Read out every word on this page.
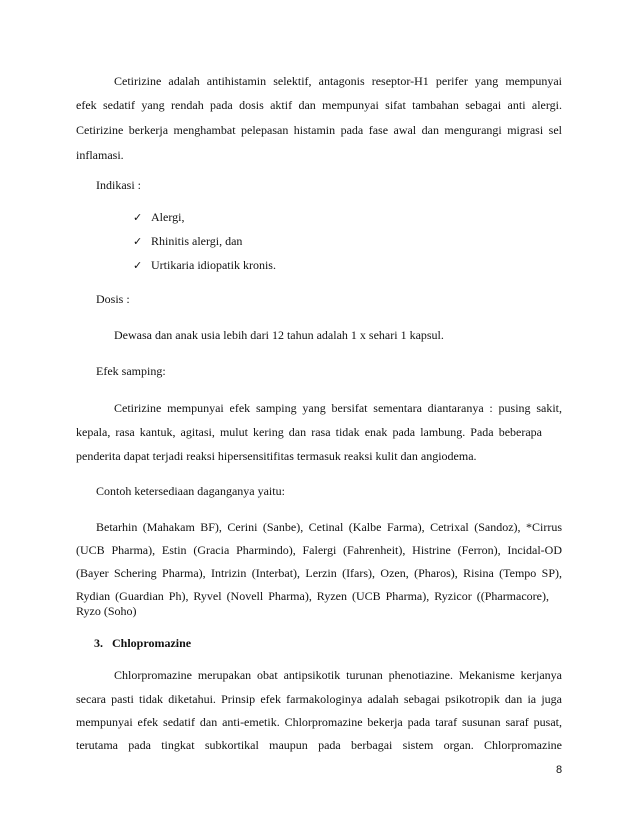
Cetirizine adalah antihistamin selektif, antagonis reseptor-H1 perifer yang mempunyai
efek sedatif yang rendah pada dosis aktif dan mempunyai sifat tambahan sebagai anti alergi.
Cetirizine berkerja menghambat pelepasan histamin pada fase awal dan mengurangi migrasi sel
inflamasi.
Indikasi :
✓ Alergi,
✓ Rhinitis alergi, dan
✓ Urtikaria idiopatik kronis.
Dosis :
Dewasa dan anak usia lebih dari 12 tahun adalah 1 x sehari 1 kapsul.
Efek samping:
Cetirizine mempunyai efek samping yang bersifat sementara diantaranya : pusing sakit,
kepala, rasa kantuk, agitasi, mulut kering dan rasa tidak enak pada lambung. Pada beberapa
penderita dapat terjadi reaksi hipersensitifitas termasuk reaksi kulit dan angiodema.
Contoh ketersediaan daganganya yaitu:
Betarhin (Mahakam BF), Cerini (Sanbe), Cetinal (Kalbe Farma), Cetrixal (Sandoz), *Cirrus
(UCB Pharma), Estin (Gracia Pharmindo), Falergi (Fahrenheit), Histrine (Ferron), Incidal-OD
(Bayer Schering Pharma), Intrizin (Interbat), Lerzin (Ifars), Ozen, (Pharos), Risina (Tempo SP),
Rydian (Guardian Ph), Ryvel (Novell Pharma), Ryzen (UCB Pharma), Ryzicor ((Pharmacore),
Ryzo (Soho)
3.   Chlopromazine
Chlorpromazine merupakan obat antipsikotik turunan phenotiazine. Mekanisme kerjanya
secara pasti tidak diketahui. Prinsip efek farmakologinya adalah sebagai psikotropik dan ia juga
mempunyai efek sedatif dan anti-emetik. Chlorpromazine bekerja pada taraf susunan saraf pusat,
terutama pada tingkat subkortikal maupun pada berbagai sistem organ. Chlorpromazine
8
